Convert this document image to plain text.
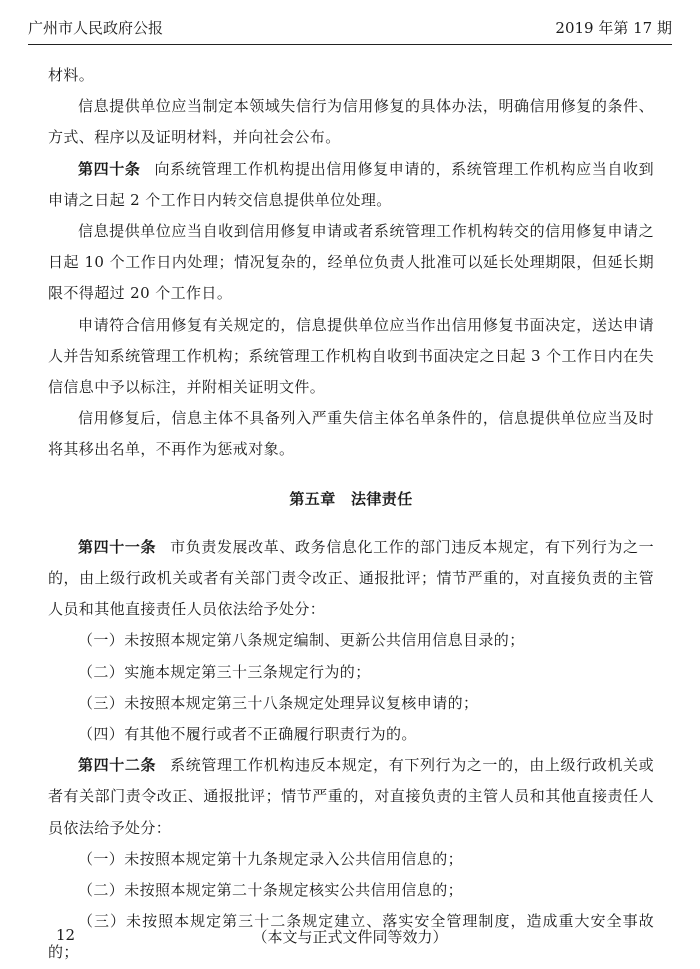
广州市人民政府公报	2019 年第 17 期

材料。

信息提供单位应当制定本领域失信行为信用修复的具体办法，明确信用修复的条件、方式、程序以及证明材料，并向社会公布。

第四十条 向系统管理工作机构提出信用修复申请的，系统管理工作机构应当自收到申请之日起 2 个工作日内转交信息提供单位处理。

信息提供单位应当自收到信用修复申请或者系统管理工作机构转交的信用修复申请之日起 10 个工作日内处理；情况复杂的，经单位负责人批准可以延长处理期限，但延长期限不得超过 20 个工作日。

申请符合信用修复有关规定的，信息提供单位应当作出信用修复书面决定，送达申请人并告知系统管理工作机构；系统管理工作机构自收到书面决定之日起 3 个工作日内在失信信息中予以标注，并附相关证明文件。

信用修复后，信息主体不具备列入严重失信主体名单条件的，信息提供单位应当及时将其移出名单，不再作为惩戒对象。

第五章　法律责任

第四十一条 市负责发展改革、政务信息化工作的部门违反本规定，有下列行为之一的，由上级行政机关或者有关部门责令改正、通报批评；情节严重的，对直接负责的主管人员和其他直接责任人员依法给予处分：

（一）未按照本规定第八条规定编制、更新公共信用信息目录的；

（二）实施本规定第三十三条规定行为的；

（三）未按照本规定第三十八条规定处理异议复核申请的；

（四）有其他不履行或者不正确履行职责行为的。

第四十二条 系统管理工作机构违反本规定，有下列行为之一的，由上级行政机关或者有关部门责令改正、通报批评；情节严重的，对直接负责的主管人员和其他直接责任人员依法给予处分：

（一）未按照本规定第十九条规定录入公共信用信息的；

（二）未按照本规定第二十条规定核实公共信用信息的；

（三）未按照本规定第三十二条规定建立、落实安全管理制度，造成重大安全事故的；

12	（本文与正式文件同等效力）
